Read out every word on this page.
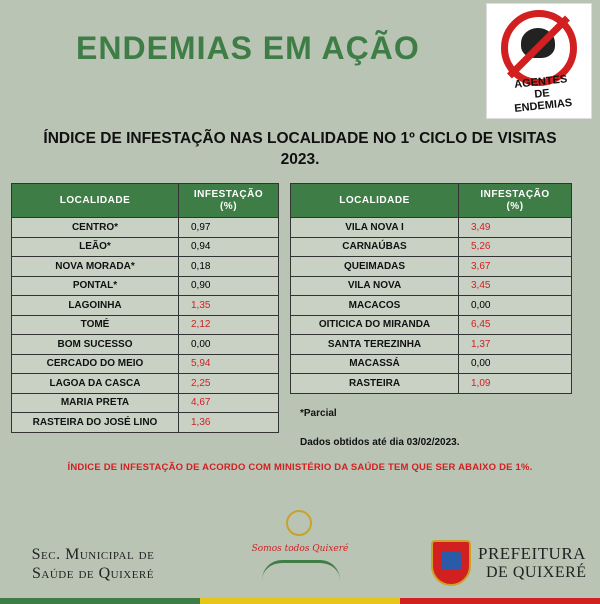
ENDEMIAS EM AÇÃO
AGENTES DE ENDEMIAS
ÍNDICE DE INFESTAÇÃO NAS LOCALIDADE NO 1º CICLO DE VISITAS
2023.
LOCALIDADE	INFESTAÇÃO
(%)
CENTRO*	0,97
LEÃO*	0,94
NOVA MORADA*	0,18
PONTAL*	0,90
LAGOINHA	1,35
TOMÉ	2,12
BOM SUCESSO	0,00
CERCADO DO MEIO	5,94
LAGOA DA CASCA	2,25
MARIA PRETA	4,67
RASTEIRA DO JOSÉ LINO	1,36
LOCALIDADE	INFESTAÇÃO
(%)
VILA NOVA I	3,49
CARNAÚBAS	5,26
QUEIMADAS	3,67
VILA NOVA	3,45
MACACOS	0,00
OITICICA DO MIRANDA	6,45
SANTA TEREZINHA	1,37
MACASSÁ	0,00
RASTEIRA	1,09
*Parcial
Dados obtidos até dia 03/02/2023.
ÍNDICE DE INFESTAÇÃO DE ACORDO COM MINISTÉRIO DA SAÚDE TEM QUE SER ABAIXO DE 1%.
Sec. Municipal de
Saúde de Quixeré
Somos todos Quixeré	PREFEITURA
DE QUIXERÉ
